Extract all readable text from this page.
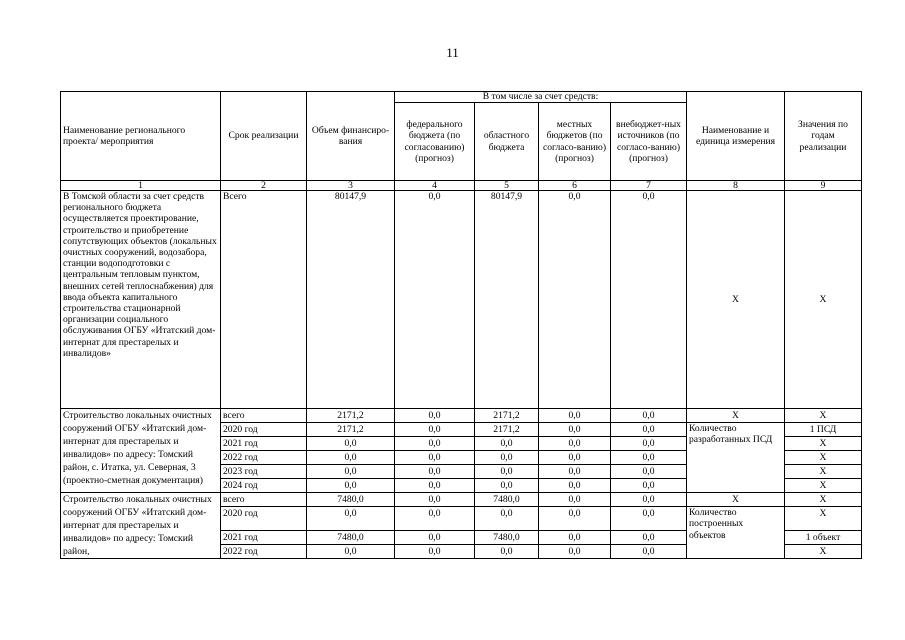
11
Наименование регионального проекта/ мероприятия	Срок реализации	Объем финансиро-вания	В том числе за счет средств:				Наименование и единица измерения	Значения по годам реализации
			федерального бюджета (по согласованию) (прогноз)	областного бюджета	местных бюджетов (по согласо-ванию) (прогноз)	внебюджет-ных источников (по согласо-ванию) (прогноз)		
1	2	3	4	5	6	7	8	9
В Томской области за счет средств регионального бюджета осуществляется проектирование, строительство и приобретение сопутствующих объектов (локальных очистных сооружений, водозабора, станции водоподготовки с центральным тепловым пунктом, внешних сетей теплоснабжения) для ввода объекта капитального строительства стационарной организации социального обслуживания ОГБУ «Итатский дом-интернат для престарелых и инвалидов»	Всего	80147,9	0,0	80147,9	0,0	0,0	Х	Х
Строительство локальных очистных сооружений ОГБУ «Итатский дом-интернат для престарелых и инвалидов» по адресу: Томский район, с. Итатка, ул. Северная, 3 (проектно-сметная документация)	всего	2171,2	0,0	2171,2	0,0	0,0	Х	Х
	2020 год	2171,2	0,0	2171,2	0,0	0,0	Количество разработанных ПСД	1 ПСД
	2021 год	0,0	0,0	0,0	0,0	0,0		Х
	2022 год	0,0	0,0	0,0	0,0	0,0		Х
	2023 год	0,0	0,0	0,0	0,0	0,0		Х
	2024 год	0,0	0,0	0,0	0,0	0,0		Х
Строительство локальных очистных сооружений ОГБУ «Итатский дом-интернат для престарелых и инвалидов» по адресу: Томский район,	всего	7480,0	0,0	7480,0	0,0	0,0	Х	Х
	2020 год	0,0	0,0	0,0	0,0	0,0	Количество построенных объектов	Х
	2021 год	7480,0	0,0	7480,0	0,0	0,0		1 объект
	2022 год	0,0	0,0	0,0	0,0	0,0		Х
